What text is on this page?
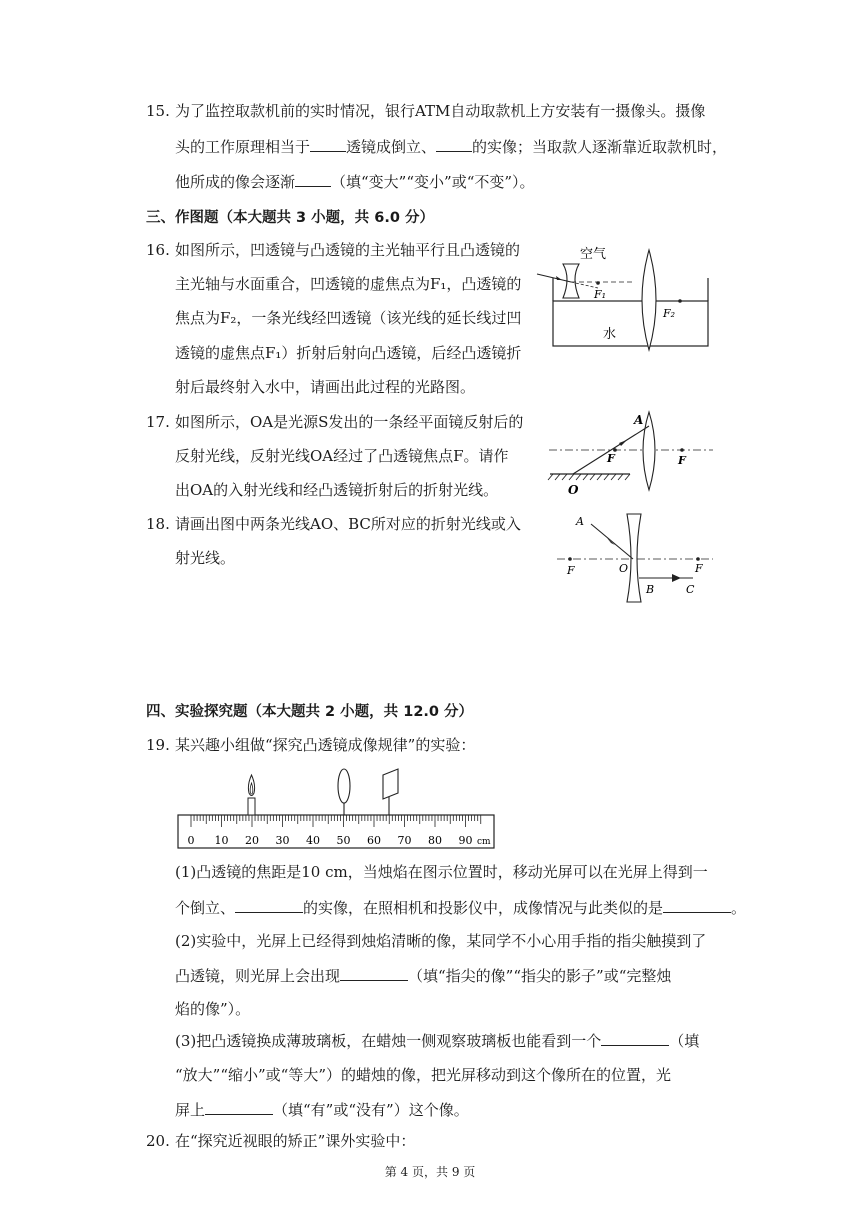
15. 为了监控取款机前的实时情况，银行ATM自动取款机上方安装有一摄像头。摄像
头的工作原理相当于 透镜成倒立、 的实像；当取款人逐渐靠近取款机时，
他所成的像会逐渐 （填“变大”“变小”或“不变”）。
三、作图题（本大题共 3 小题，共 6.0 分）
16. 如图所示，凹透镜与凸透镜的主光轴平行且凸透镜的
主光轴与水面重合，凹透镜的虚焦点为F₁，凸透镜的
焦点为F₂，一条光线经凹透镜（该光线的延长线过凹
透镜的虚焦点F₁）折射后射向凸透镜，后经凸透镜折
射后最终射入水中，请画出此过程的光路图。
空气
水
F₁
F₂
17. 如图所示，OA是光源S发出的一条经平面镜反射后的
反射光线，反射光线OA经过了凸透镜焦点F。请作
出OA的入射光线和经凸透镜折射后的折射光线。
F	F
A
O
18. 请画出图中两条光线AO、BC所对应的折射光线或入
射光线。
F	F
A
O
B	C
四、实验探究题（本大题共 2 小题，共 12.0 分）
19. 某兴趣小组做“探究凸透镜成像规律”的实验：
0 10 20 30 40 50 60 70 80 90 cm
(1)凸透镜的焦距是10 cm，当烛焰在图示位置时，移动光屏可以在光屏上得到一
个倒立、	的实像，在照相机和投影仪中，成像情况与此类似的是	。
(2)实验中，光屏上已经得到烛焰清晰的像，某同学不小心用手指的指尖触摸到了
凸透镜，则光屏上会出现	（填“指尖的像”“指尖的影子”或“完整烛
焰的像”）。
(3)把凸透镜换成薄玻璃板，在蜡烛一侧观察玻璃板也能看到一个	（填
“放大”“缩小”或“等大”）的蜡烛的像，把光屏移动到这个像所在的位置，光
屏上	（填“有”或“没有”）这个像。
20. 在“探究近视眼的矫正”课外实验中：
第 4 页，共 9 页
